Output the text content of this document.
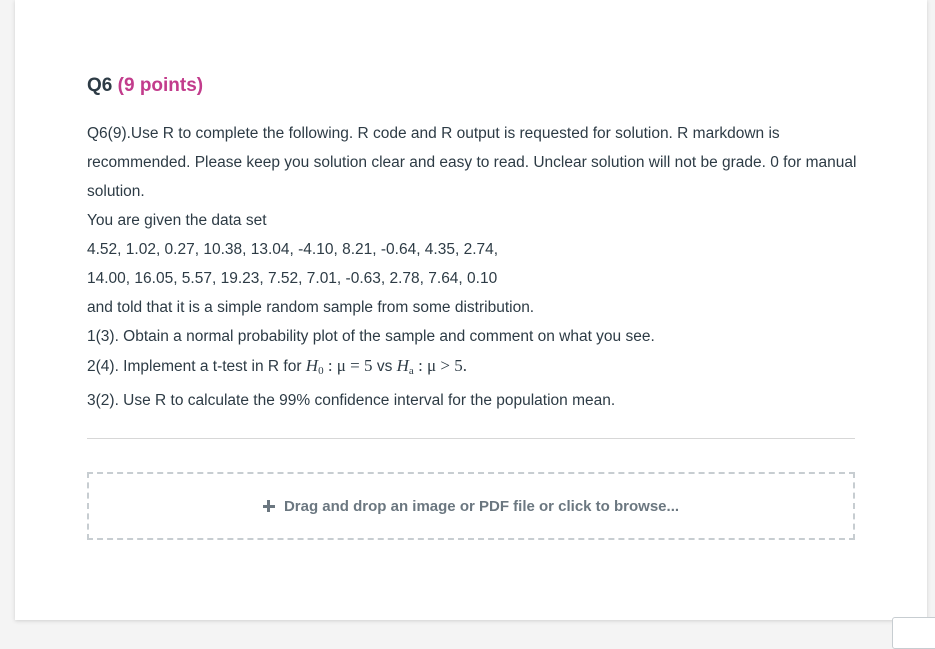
Q6 (9 points)

Q6(9).Use R to complete the following. R code and R output is requested for solution. R markdown is recommended. Please keep you solution clear and easy to read. Unclear solution will not be grade. 0 for manual solution.

You are given the data set

4.52, 1.02, 0.27, 10.38, 13.04, -4.10, 8.21, -0.64, 4.35, 2.74,

14.00, 16.05, 5.57, 19.23, 7.52, 7.01, -0.63, 2.78, 7.64, 0.10

and told that it is a simple random sample from some distribution.

1(3). Obtain a normal probability plot of the sample and comment on what you see.

2(4). Implement a t-test in R for $H_0$ : μ = 5 vs $H_a$ : μ > 5.

3(2). Use R to calculate the 99% confidence interval for the population mean.

Drag and drop an image or PDF file or click to browse...
